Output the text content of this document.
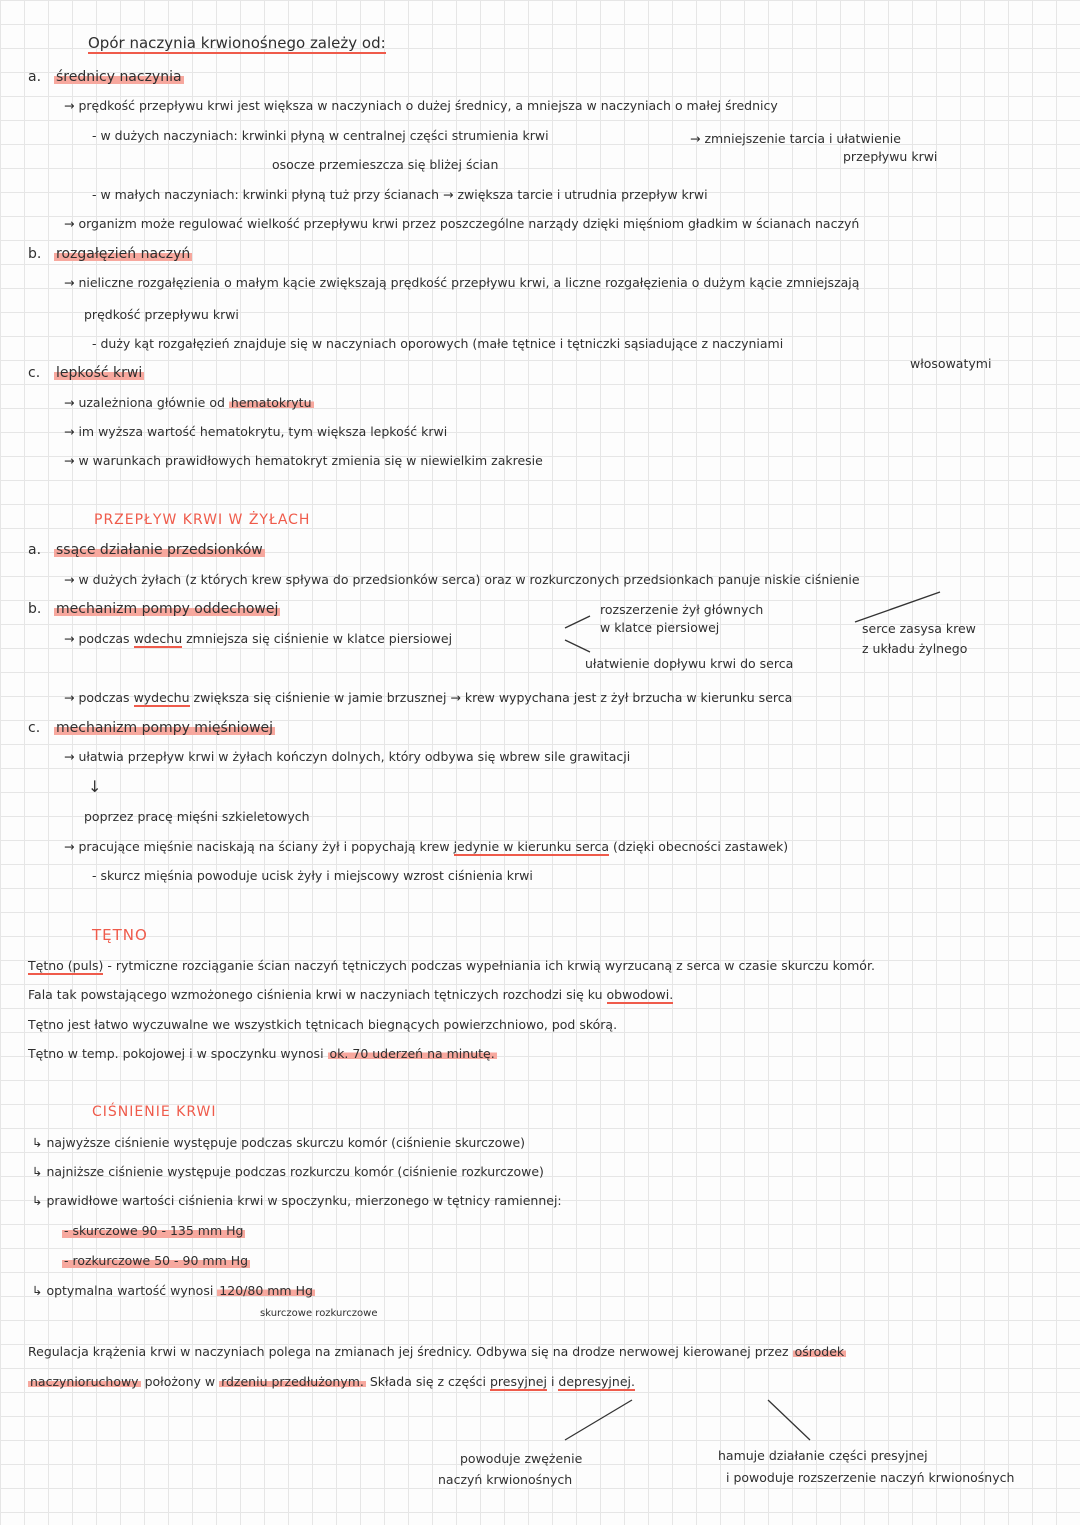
Opór naczynia krwionośnego zależy od:
a. średnicy naczynia
→ prędkość przepływu krwi jest większa w naczyniach o dużej średnicy, a mniejsza w naczyniach o małej średnicy
- w dużych naczyniach: krwinki płyną w centralnej części strumienia krwi
osocze przemieszcza się bliżej ścian
→ zmniejszenie tarcia i ułatwienie
przepływu krwi
- w małych naczyniach: krwinki płyną tuż przy ścianach → zwiększa tarcie i utrudnia przepływ krwi
→ organizm może regulować wielkość przepływu krwi przez poszczególne narządy dzięki mięśniom gładkim w ścianach naczyń
b. rozgałęzień naczyń
→ nieliczne rozgałęzienia o małym kącie zwiększają prędkość przepływu krwi, a liczne rozgałęzienia o dużym kącie zmniejszają
prędkość przepływu krwi
- duży kąt rozgałęzień znajduje się w naczyniach oporowych (małe tętnice i tętniczki sąsiadujące z naczyniami
włosowatymi
c. lepkość krwi
→ uzależniona głównie od hematokrytu
→ im wyższa wartość hematokrytu, tym większa lepkość krwi
→ w warunkach prawidłowych hematokryt zmienia się w niewielkim zakresie
PRZEPŁYW KRWI W ŻYŁACH
a. ssące działanie przedsionków
→ w dużych żyłach (z których krew spływa do przedsionków serca) oraz w rozkurczonych przedsionkach panuje niskie ciśnienie
b. mechanizm pompy oddechowej
→ podczas wdechu zmniejsza się ciśnienie w klatce piersiowej
rozszerzenie żył głównych
w klatce piersiowej
ułatwienie dopływu krwi do serca
serce zasysa krew
z układu żylnego
→ podczas wydechu zwiększa się ciśnienie w jamie brzusznej → krew wypychana jest z żył brzucha w kierunku serca
c. mechanizm pompy mięśniowej
→ ułatwia przepływ krwi w żyłach kończyn dolnych, który odbywa się wbrew sile grawitacji
↓
poprzez pracę mięśni szkieletowych
→ pracujące mięśnie naciskają na ściany żył i popychają krew jedynie w kierunku serca (dzięki obecności zastawek)
- skurcz mięśnia powoduje ucisk żyły i miejscowy wzrost ciśnienia krwi
TĘTNO
Tętno (puls) - rytmiczne rozciąganie ścian naczyń tętniczych podczas wypełniania ich krwią wyrzucaną z serca w czasie skurczu komór.
Fala tak powstającego wzmożonego ciśnienia krwi w naczyniach tętniczych rozchodzi się ku obwodowi.
Tętno jest łatwo wyczuwalne we wszystkich tętnicach biegnących powierzchniowo, pod skórą.
Tętno w temp. pokojowej i w spoczynku wynosi ok. 70 uderzeń na minutę.
CIŚNIENIE KRWI
↳ najwyższe ciśnienie występuje podczas skurczu komór (ciśnienie skurczowe)
↳ najniższe ciśnienie występuje podczas rozkurczu komór (ciśnienie rozkurczowe)
↳ prawidłowe wartości ciśnienia krwi w spoczynku, mierzonego w tętnicy ramiennej:
- skurczowe 90 - 135 mm Hg
- rozkurczowe 50 - 90 mm Hg
↳ optymalna wartość wynosi 120/80 mm Hg
skurczowe rozkurczowe
Regulacja krążenia krwi w naczyniach polega na zmianach jej średnicy. Odbywa się na drodze nerwowej kierowanej przez ośrodek
naczynioruchowy położony w rdzeniu przedłużonym. Składa się z części presyjnej i depresyjnej.
powoduje zwężenie
naczyń krwionośnych
hamuje działanie części presyjnej
i powoduje rozszerzenie naczyń krwionośnych
